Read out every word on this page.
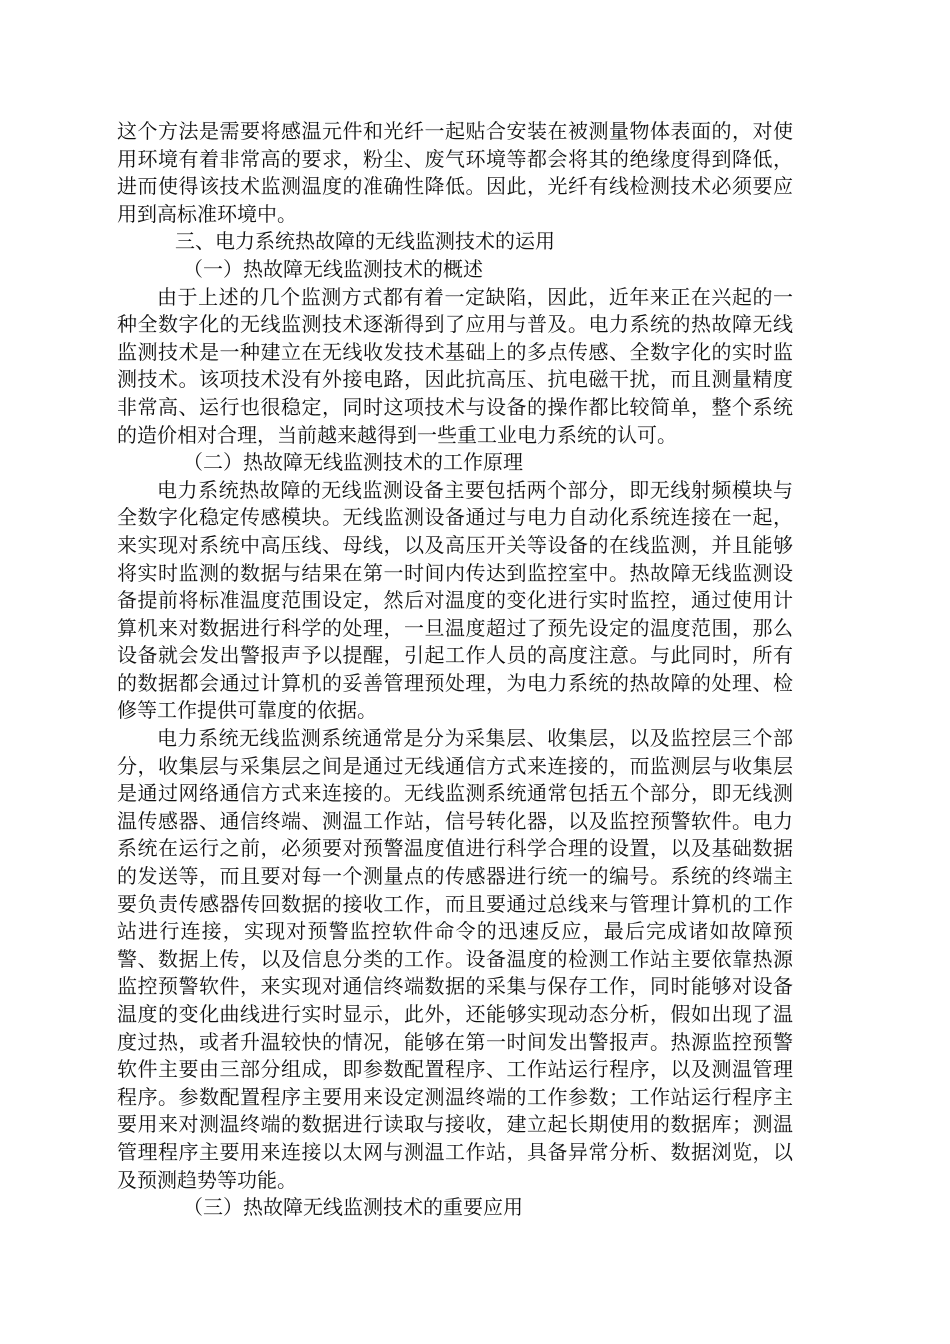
这个方法是需要将感温元件和光纤一起贴合安装在被测量物体表面的，对使用环境有着非常高的要求，粉尘、废气环境等都会将其的绝缘度得到降低，进而使得该技术监测温度的准确性降低。因此，光纤有线检测技术必须要应用到高标准环境中。

三、电力系统热故障的无线监测技术的运用

（一）热故障无线监测技术的概述

由于上述的几个监测方式都有着一定缺陷，因此，近年来正在兴起的一种全数字化的无线监测技术逐渐得到了应用与普及。电力系统的热故障无线监测技术是一种建立在无线收发技术基础上的多点传感、全数字化的实时监测技术。该项技术没有外接电路，因此抗高压、抗电磁干扰，而且测量精度非常高、运行也很稳定，同时这项技术与设备的操作都比较简单，整个系统的造价相对合理，当前越来越得到一些重工业电力系统的认可。

（二）热故障无线监测技术的工作原理

电力系统热故障的无线监测设备主要包括两个部分，即无线射频模块与全数字化稳定传感模块。无线监测设备通过与电力自动化系统连接在一起，来实现对系统中高压线、母线，以及高压开关等设备的在线监测，并且能够将实时监测的数据与结果在第一时间内传达到监控室中。热故障无线监测设备提前将标准温度范围设定，然后对温度的变化进行实时监控，通过使用计算机来对数据进行科学的处理，一旦温度超过了预先设定的温度范围，那么设备就会发出警报声予以提醒，引起工作人员的高度注意。与此同时，所有的数据都会通过计算机的妥善管理预处理，为电力系统的热故障的处理、检修等工作提供可靠度的依据。

电力系统无线监测系统通常是分为采集层、收集层，以及监控层三个部分，收集层与采集层之间是通过无线通信方式来连接的，而监测层与收集层是通过网络通信方式来连接的。无线监测系统通常包括五个部分，即无线测温传感器、通信终端、测温工作站，信号转化器，以及监控预警软件。电力系统在运行之前，必须要对预警温度值进行科学合理的设置，以及基础数据的发送等，而且要对每一个测量点的传感器进行统一的编号。系统的终端主要负责传感器传回数据的接收工作，而且要通过总线来与管理计算机的工作站进行连接，实现对预警监控软件命令的迅速反应，最后完成诸如故障预警、数据上传，以及信息分类的工作。设备温度的检测工作站主要依靠热源监控预警软件，来实现对通信终端数据的采集与保存工作，同时能够对设备温度的变化曲线进行实时显示，此外，还能够实现动态分析，假如出现了温度过热，或者升温较快的情况，能够在第一时间发出警报声。热源监控预警软件主要由三部分组成，即参数配置程序、工作站运行程序，以及测温管理程序。参数配置程序主要用来设定测温终端的工作参数；工作站运行程序主要用来对测温终端的数据进行读取与接收，建立起长期使用的数据库；测温管理程序主要用来连接以太网与测温工作站，具备异常分析、数据浏览，以及预测趋势等功能。

（三）热故障无线监测技术的重要应用
